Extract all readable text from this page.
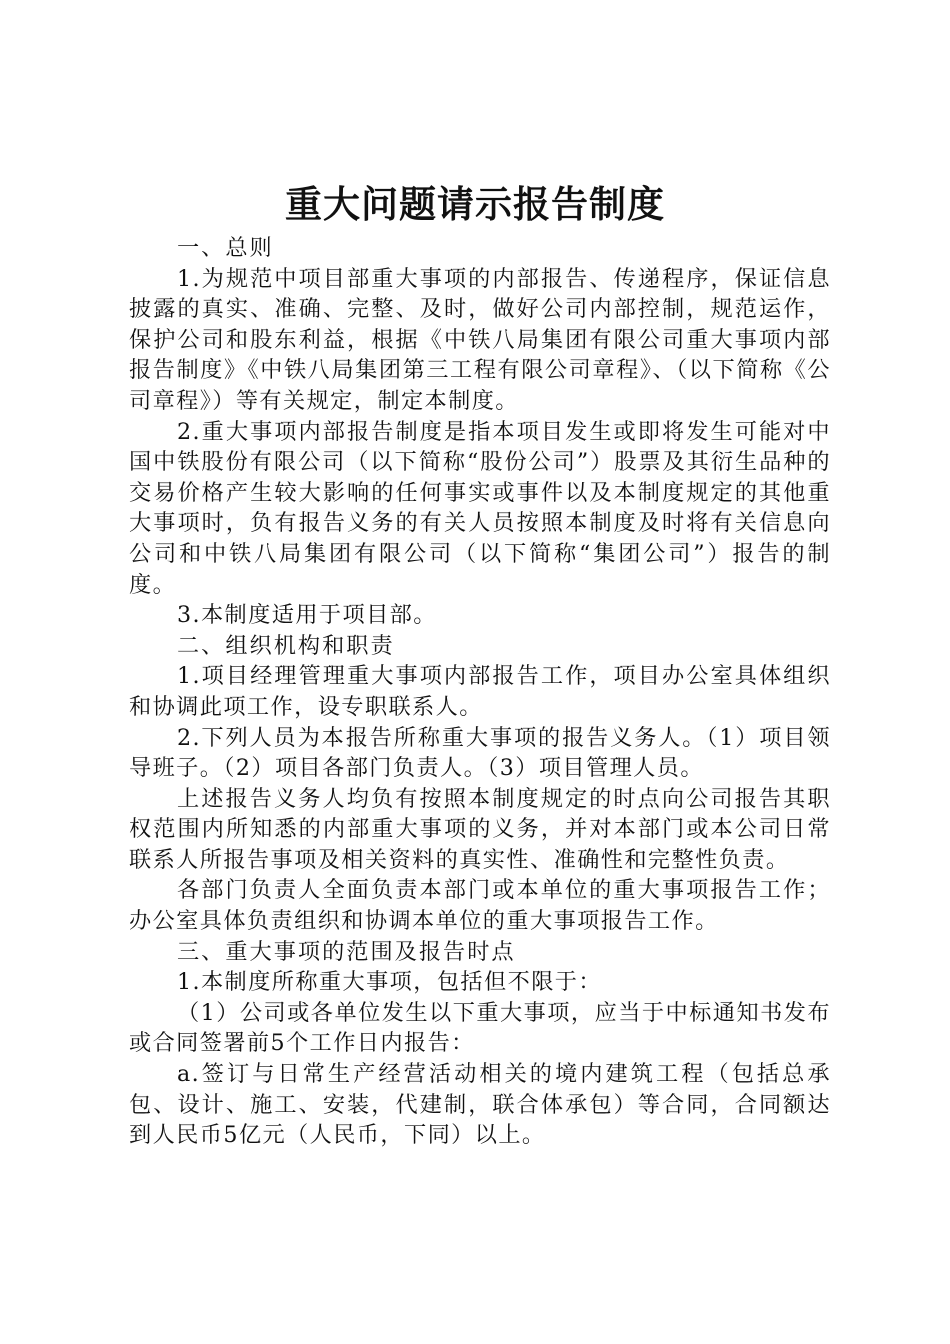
重大问题请示报告制度

一、总则

1.为规范中项目部重大事项的内部报告、传递程序，保证信息披露的真实、准确、完整、及时，做好公司内部控制，规范运作，保护公司和股东利益，根据《中铁八局集团有限公司重大事项内部报告制度》《中铁八局集团第三工程有限公司章程》、（以下简称《公司章程》）等有关规定，制定本制度。

2.重大事项内部报告制度是指本项目发生或即将发生可能对中国中铁股份有限公司（以下简称“股份公司”）股票及其衍生品种的交易价格产生较大影响的任何事实或事件以及本制度规定的其他重大事项时，负有报告义务的有关人员按照本制度及时将有关信息向公司和中铁八局集团有限公司（以下简称“集团公司”）报告的制度。

3.本制度适用于项目部。

二、组织机构和职责

1.项目经理管理重大事项内部报告工作，项目办公室具体组织和协调此项工作，设专职联系人。

2.下列人员为本报告所称重大事项的报告义务人。（1）项目领导班子。（2）项目各部门负责人。（3）项目管理人员。

上述报告义务人均负有按照本制度规定的时点向公司报告其职权范围内所知悉的内部重大事项的义务，并对本部门或本公司日常联系人所报告事项及相关资料的真实性、准确性和完整性负责。

各部门负责人全面负责本部门或本单位的重大事项报告工作；办公室具体负责组织和协调本单位的重大事项报告工作。

三、重大事项的范围及报告时点

1.本制度所称重大事项，包括但不限于：

（1）公司或各单位发生以下重大事项，应当于中标通知书发布或合同签署前5个工作日内报告：

a.签订与日常生产经营活动相关的境内建筑工程（包括总承包、设计、施工、安装，代建制，联合体承包）等合同，合同额达到人民币5亿元（人民币，下同）以上。
